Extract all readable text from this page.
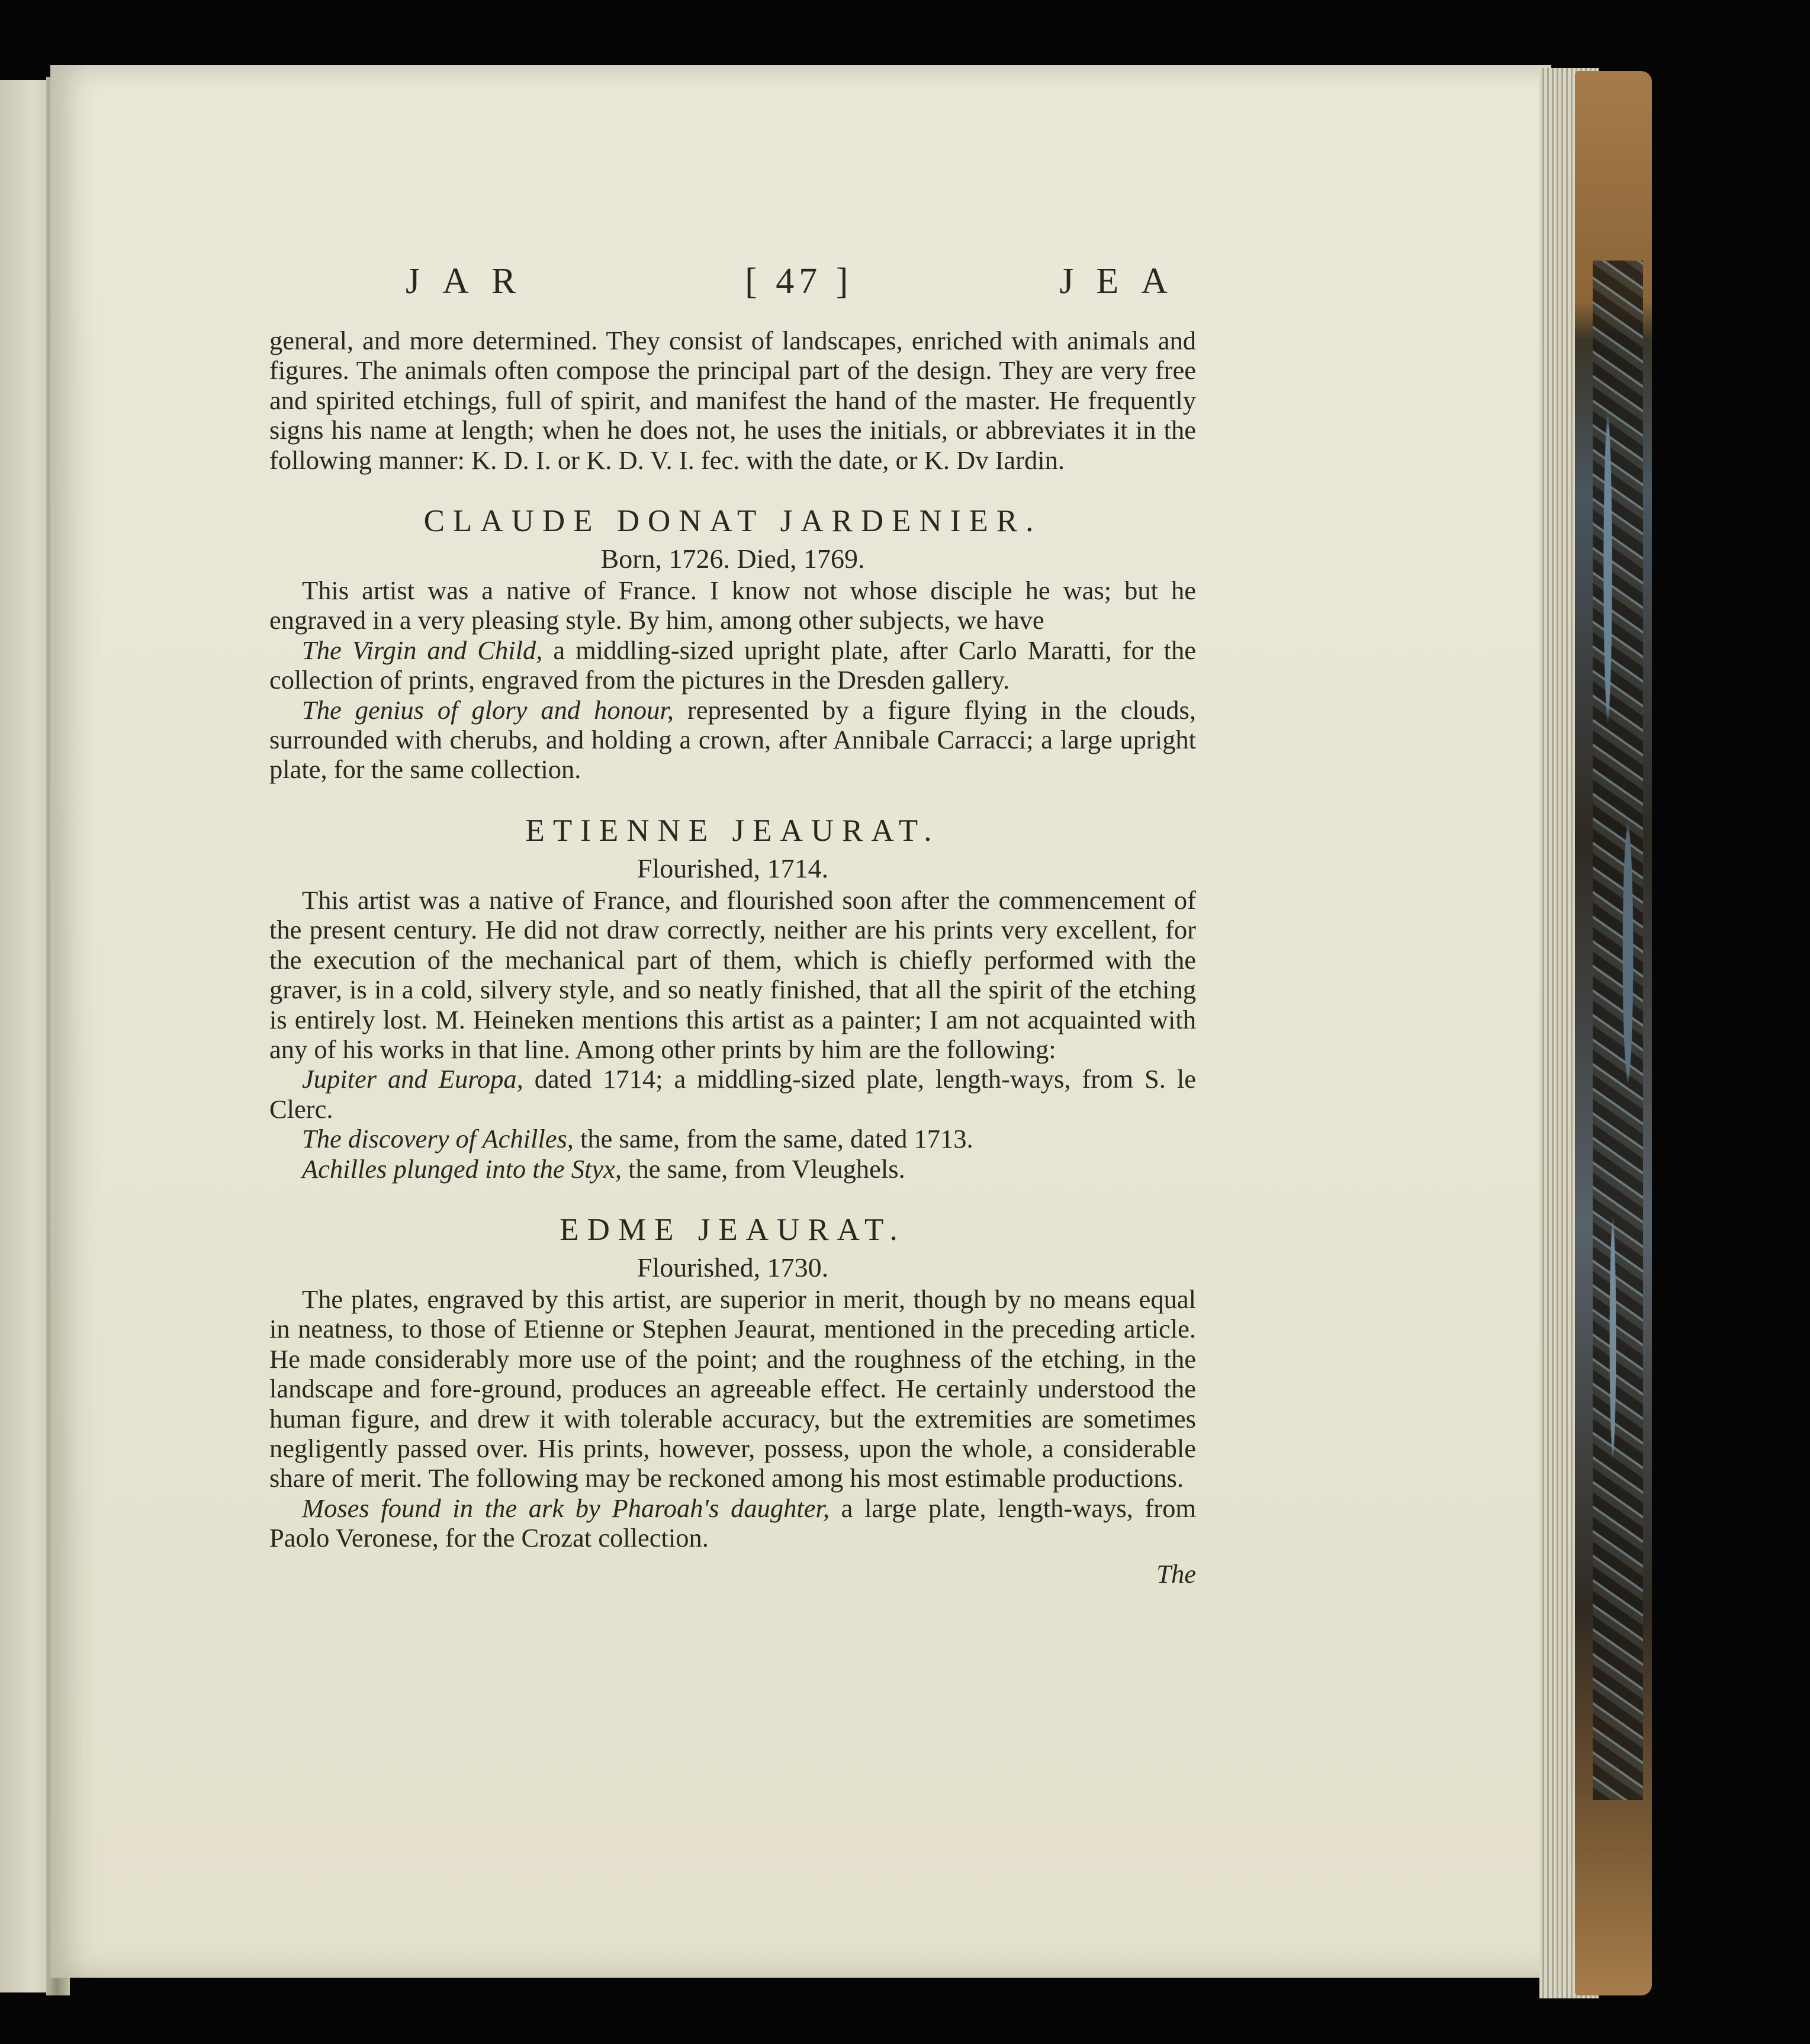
JAR	[ 47 ]	JEA

general, and more determined. They consist of landscapes, enriched with animals and figures. The animals often compose the principal part of the design. They are very free and spirited etchings, full of spirit, and manifest the hand of the master. He frequently signs his name at length; when he does not, he uses the initials, or abbreviates it in the following manner: K. D. I. or K. D. V. I. fec. with the date, or K. Dv Iardin.

CLAUDE DONAT JARDENIER.
Born, 1726. Died, 1769.

This artist was a native of France. I know not whose disciple he was; but he engraved in a very pleasing style. By him, among other subjects, we have

The Virgin and Child, a middling-sized upright plate, after Carlo Maratti, for the collection of prints, engraved from the pictures in the Dresden gallery.

The genius of glory and honour, represented by a figure flying in the clouds, surrounded with cherubs, and holding a crown, after Annibale Carracci; a large upright plate, for the same collection.

ETIENNE JEAURAT.
Flourished, 1714.

This artist was a native of France, and flourished soon after the commencement of the present century. He did not draw correctly, neither are his prints very excellent, for the execution of the mechanical part of them, which is chiefly performed with the graver, is in a cold, silvery style, and so neatly finished, that all the spirit of the etching is entirely lost. M. Heineken mentions this artist as a painter; I am not acquainted with any of his works in that line. Among other prints by him are the following:

Jupiter and Europa, dated 1714; a middling-sized plate, length-ways, from S. le Clerc.

The discovery of Achilles, the same, from the same, dated 1713.

Achilles plunged into the Styx, the same, from Vleughels.

EDME JEAURAT.
Flourished, 1730.

The plates, engraved by this artist, are superior in merit, though by no means equal in neatness, to those of Etienne or Stephen Jeaurat, mentioned in the preceding article. He made considerably more use of the point; and the roughness of the etching, in the landscape and fore-ground, produces an agreeable effect. He certainly understood the human figure, and drew it with tolerable accuracy, but the extremities are sometimes negligently passed over. His prints, however, possess, upon the whole, a considerable share of merit. The following may be reckoned among his most estimable productions.

Moses found in the ark by Pharoah's daughter, a large plate, length-ways, from Paolo Veronese, for the Crozat collection.

The
